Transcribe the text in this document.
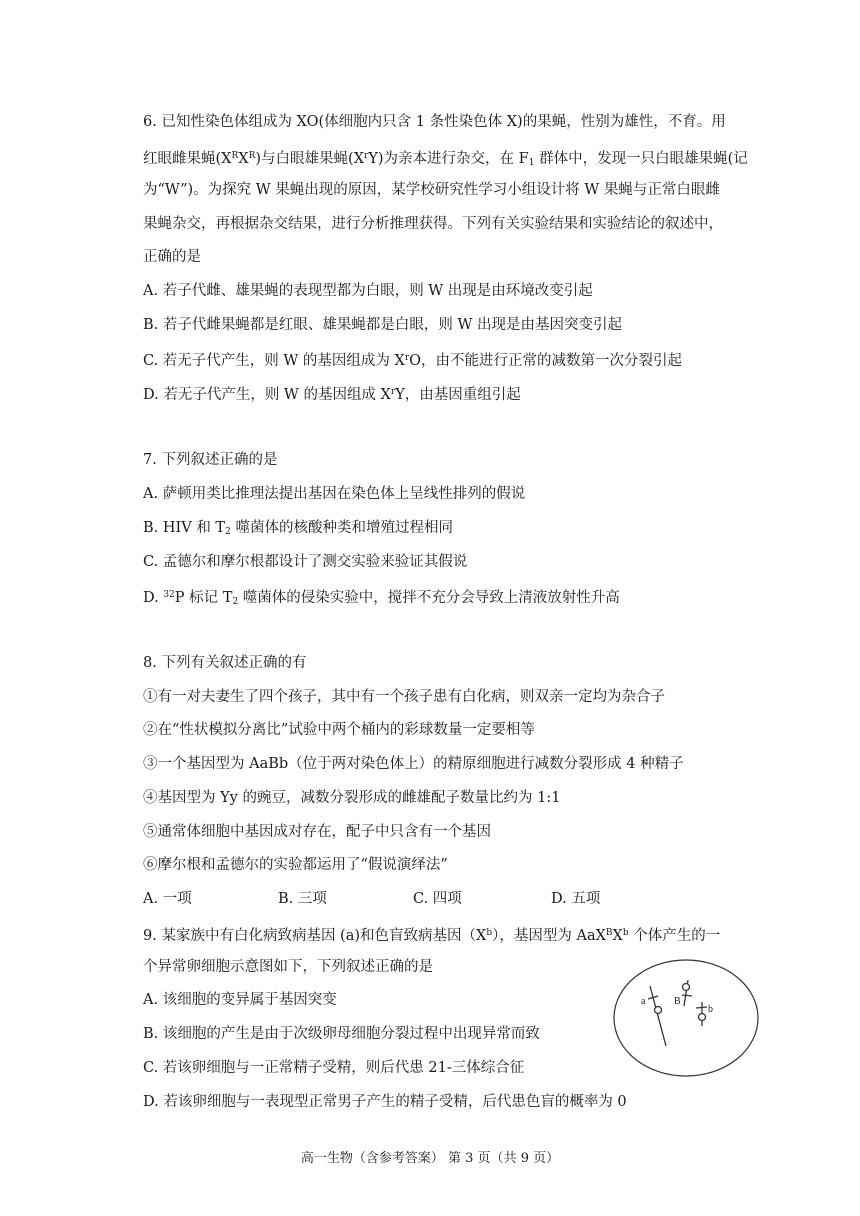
6. 已知性染色体组成为 XO(体细胞内只含 1 条性染色体 X)的果蝇，性别为雄性，不育。用
红眼雌果蝇$(X^RX^R)$与白眼雄果蝇$(X^rY)$为亲本进行杂交，在 $F_1$ 群体中，发现一只白眼雄果蝇(记
为“W”)。为探究 W 果蝇出现的原因，某学校研究性学习小组设计将 W 果蝇与正常白眼雌
果蝇杂交，再根据杂交结果，进行分析推理获得。下列有关实验结果和实验结论的叙述中，
正确的是
A. 若子代雌、雄果蝇的表现型都为白眼，则 W 出现是由环境改变引起
B. 若子代雌果蝇都是红眼、雄果蝇都是白眼，则 W 出现是由基因突变引起
C. 若无子代产生，则 W 的基因组成为 $X^rO$，由不能进行正常的减数第一次分裂引起
D. 若无子代产生，则 W 的基因组成 $X^rY$，由基因重组引起
7. 下列叙述正确的是
A. 萨顿用类比推理法提出基因在染色体上呈线性排列的假说
B. HIV 和 $T_2$ 噬菌体的核酸种类和增殖过程相同
C. 孟德尔和摩尔根都设计了测交实验来验证其假说
D. $^{32}$P 标记 $T_2$ 噬菌体的侵染实验中，搅拌不充分会导致上清液放射性升高
8. 下列有关叙述正确的有
①有一对夫妻生了四个孩子，其中有一个孩子患有白化病，则双亲一定均为杂合子
②在“性状模拟分离比”试验中两个桶内的彩球数量一定要相等
③一个基因型为 AaBb（位于两对染色体上）的精原细胞进行减数分裂形成 4 种精子
④基因型为 Yy 的豌豆，减数分裂形成的雌雄配子数量比约为 1:1
⑤通常体细胞中基因成对存在，配子中只含有一个基因
⑥摩尔根和孟德尔的实验都运用了“假说演绎法”
A. 一项	B. 三项	C. 四项	D. 五项
9. 某家族中有白化病致病基因 (a)和色盲致病基因$(X^b)$，基因型为 $AaX^BX^b$ 个体产生的一
个异常卵细胞示意图如下，下列叙述正确的是
A. 该细胞的变异属于基因突变
B. 该细胞的产生是由于次级卵母细胞分裂过程中出现异常而致
C. 若该卵细胞与一正常精子受精，则后代患 21-三体综合征
D. 若该卵细胞与一表现型正常男子产生的精子受精，后代患色盲的概率为 0
a	B
b
高一生物（含参考答案） 第 3 页（共 9 页）
